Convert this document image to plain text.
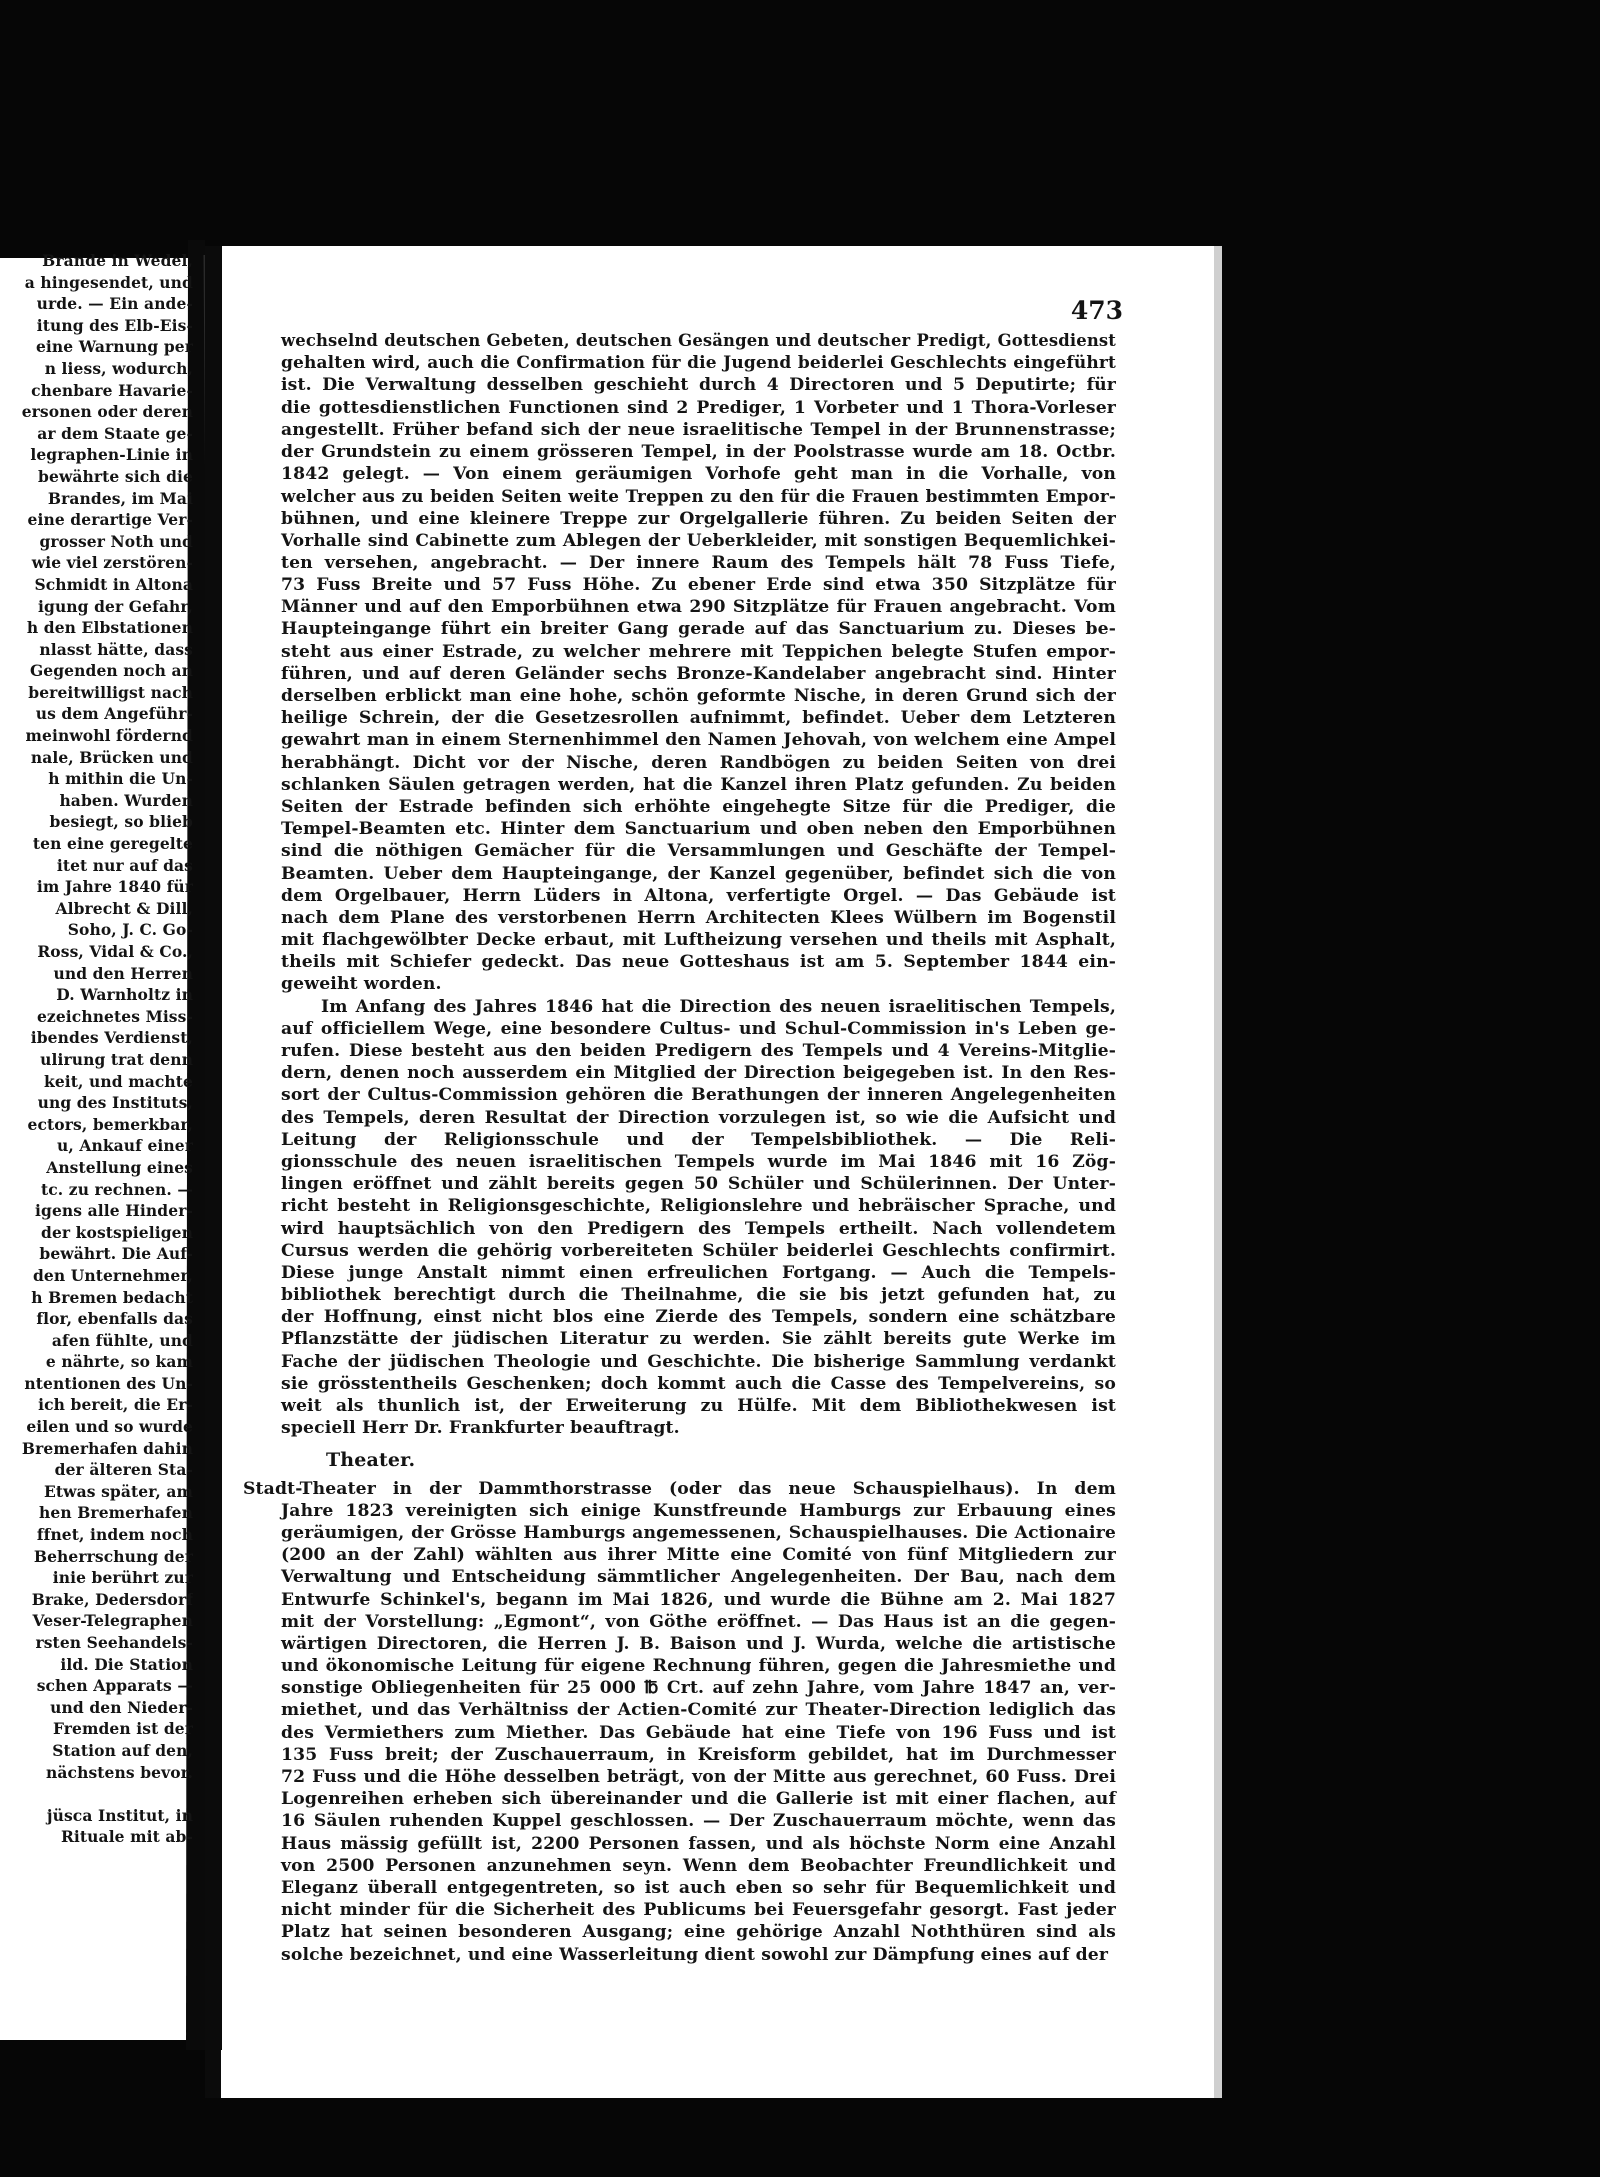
Brande in Wedel,
a hingesendet, und
urde. — Ein ande-
itung des Elb-Eis-
eine Warnung per
n liess, wodurch,
chenbare Havarie-
ersonen oder deren
ar dem Staate ge-
legraphen-Linie in
bewährte sich die
Brandes, im Mai
eine derartige Ver-
grosser Noth und
wie viel zerstören-
Schmidt in Altona
igung der Gefahr,
h den Elbstationen
nlasst hätte, dass
Gegenden noch an
bereitwilligst nach
us dem Angeführ-
meinwohl fördernd
nale, Brücken und
h mithin die Un-
haben. Wurden
besiegt, so blieb
ten eine geregelte
itet nur auf das
im Jahre 1840 für
Albrecht & Dill,
Soho, J. C. Go-
Ross, Vidal & Co.,
und den Herren
D. Warnholtz in
ezeichnetes Miss-
ibendes Verdienst,
ulirung trat denn
keit, und machte
ung des Instituts,
ectors, bemerkbar,
u, Ankauf einer
Anstellung eines
tc. zu rechnen. —
igens alle Hinder-
der kostspieligen
bewährt. Die Auf-
den Unternehmer,
h Bremen bedacht
flor, ebenfalls das
afen fühlte, und
e nährte, so kam
ntentionen des Un-
ich bereit, die Er-
eilen und so wurde
Bremerhafen dahin
der älteren Sta-
Etwas später, am
hen Bremerhafen
ffnet, indem noch
Beherrschung der
inie berührt zur
Brake, Dedersdorf
Veser-Telegraphen
rsten Seehandels-
ild. Die Station
schen Apparats —
und den Nieder-
Fremden ist der
Station auf den,
nächstens bevor.
jüsca Institut, in
Rituale mit ab-
473
wechselnd deutschen Gebeten, deutschen Gesängen und deutscher Predigt, Gottesdienst
gehalten wird, auch die Confirmation für die Jugend beiderlei Geschlechts eingeführt
ist. Die Verwaltung desselben geschieht durch 4 Directoren und 5 Deputirte; für
die gottesdienstlichen Functionen sind 2 Prediger, 1 Vorbeter und 1 Thora-Vorleser
angestellt. Früher befand sich der neue israelitische Tempel in der Brunnenstrasse;
der Grundstein zu einem grösseren Tempel, in der Poolstrasse wurde am 18. Octbr.
1842 gelegt. — Von einem geräumigen Vorhofe geht man in die Vorhalle, von
welcher aus zu beiden Seiten weite Treppen zu den für die Frauen bestimmten Empor-
bühnen, und eine kleinere Treppe zur Orgelgallerie führen. Zu beiden Seiten der
Vorhalle sind Cabinette zum Ablegen der Ueberkleider, mit sonstigen Bequemlichkei-
ten versehen, angebracht. — Der innere Raum des Tempels hält 78 Fuss Tiefe,
73 Fuss Breite und 57 Fuss Höhe. Zu ebener Erde sind etwa 350 Sitzplätze für
Männer und auf den Emporbühnen etwa 290 Sitzplätze für Frauen angebracht. Vom
Haupteingange führt ein breiter Gang gerade auf das Sanctuarium zu. Dieses be-
steht aus einer Estrade, zu welcher mehrere mit Teppichen belegte Stufen empor-
führen, und auf deren Geländer sechs Bronze-Kandelaber angebracht sind. Hinter
derselben erblickt man eine hohe, schön geformte Nische, in deren Grund sich der
heilige Schrein, der die Gesetzesrollen aufnimmt, befindet. Ueber dem Letzteren
gewahrt man in einem Sternenhimmel den Namen Jehovah, von welchem eine Ampel
herabhängt. Dicht vor der Nische, deren Randbögen zu beiden Seiten von drei
schlanken Säulen getragen werden, hat die Kanzel ihren Platz gefunden. Zu beiden
Seiten der Estrade befinden sich erhöhte eingehegte Sitze für die Prediger, die
Tempel-Beamten etc. Hinter dem Sanctuarium und oben neben den Emporbühnen
sind die nöthigen Gemächer für die Versammlungen und Geschäfte der Tempel-
Beamten. Ueber dem Haupteingange, der Kanzel gegenüber, befindet sich die von
dem Orgelbauer, Herrn Lüders in Altona, verfertigte Orgel. — Das Gebäude ist
nach dem Plane des verstorbenen Herrn Architecten Klees Wülbern im Bogenstil
mit flachgewölbter Decke erbaut, mit Luftheizung versehen und theils mit Asphalt,
theils mit Schiefer gedeckt. Das neue Gotteshaus ist am 5. September 1844 ein-
geweiht worden.
Im Anfang des Jahres 1846 hat die Direction des neuen israelitischen Tempels,
auf officiellem Wege, eine besondere Cultus- und Schul-Commission in's Leben ge-
rufen. Diese besteht aus den beiden Predigern des Tempels und 4 Vereins-Mitglie-
dern, denen noch ausserdem ein Mitglied der Direction beigegeben ist. In den Res-
sort der Cultus-Commission gehören die Berathungen der inneren Angelegenheiten
des Tempels, deren Resultat der Direction vorzulegen ist, so wie die Aufsicht und
Leitung der Religionsschule und der Tempelsbibliothek. — Die Reli-
gionsschule des neuen israelitischen Tempels wurde im Mai 1846 mit 16 Zög-
lingen eröffnet und zählt bereits gegen 50 Schüler und Schülerinnen. Der Unter-
richt besteht in Religionsgeschichte, Religionslehre und hebräischer Sprache, und
wird hauptsächlich von den Predigern des Tempels ertheilt. Nach vollendetem
Cursus werden die gehörig vorbereiteten Schüler beiderlei Geschlechts confirmirt.
Diese junge Anstalt nimmt einen erfreulichen Fortgang. — Auch die Tempels-
bibliothek berechtigt durch die Theilnahme, die sie bis jetzt gefunden hat, zu
der Hoffnung, einst nicht blos eine Zierde des Tempels, sondern eine schätzbare
Pflanzstätte der jüdischen Literatur zu werden. Sie zählt bereits gute Werke im
Fache der jüdischen Theologie und Geschichte. Die bisherige Sammlung verdankt
sie grösstentheils Geschenken; doch kommt auch die Casse des Tempelvereins, so
weit als thunlich ist, der Erweiterung zu Hülfe. Mit dem Bibliothekwesen ist
speciell Herr Dr. Frankfurter beauftragt.
Theater.
Stadt-Theater in der Dammthorstrasse (oder das neue Schauspielhaus). In dem
Jahre 1823 vereinigten sich einige Kunstfreunde Hamburgs zur Erbauung eines
geräumigen, der Grösse Hamburgs angemessenen, Schauspielhauses. Die Actionaire
(200 an der Zahl) wählten aus ihrer Mitte eine Comité von fünf Mitgliedern zur
Verwaltung und Entscheidung sämmtlicher Angelegenheiten. Der Bau, nach dem
Entwurfe Schinkel's, begann im Mai 1826, und wurde die Bühne am 2. Mai 1827
mit der Vorstellung: „Egmont“, von Göthe eröffnet. — Das Haus ist an die gegen-
wärtigen Directoren, die Herren J. B. Baison und J. Wurda, welche die artistische
und ökonomische Leitung für eigene Rechnung führen, gegen die Jahresmiethe und
sonstige Obliegenheiten für 25 000 ℔ Crt. auf zehn Jahre, vom Jahre 1847 an, ver-
miethet, und das Verhältniss der Actien-Comité zur Theater-Direction lediglich das
des Vermiethers zum Miether. Das Gebäude hat eine Tiefe von 196 Fuss und ist
135 Fuss breit; der Zuschauerraum, in Kreisform gebildet, hat im Durchmesser
72 Fuss und die Höhe desselben beträgt, von der Mitte aus gerechnet, 60 Fuss. Drei
Logenreihen erheben sich übereinander und die Gallerie ist mit einer flachen, auf
16 Säulen ruhenden Kuppel geschlossen. — Der Zuschauerraum möchte, wenn das
Haus mässig gefüllt ist, 2200 Personen fassen, und als höchste Norm eine Anzahl
von 2500 Personen anzunehmen seyn. Wenn dem Beobachter Freundlichkeit und
Eleganz überall entgegentreten, so ist auch eben so sehr für Bequemlichkeit und
nicht minder für die Sicherheit des Publicums bei Feuersgefahr gesorgt. Fast jeder
Platz hat seinen besonderen Ausgang; eine gehörige Anzahl Noththüren sind als
solche bezeichnet, und eine Wasserleitung dient sowohl zur Dämpfung eines auf der
